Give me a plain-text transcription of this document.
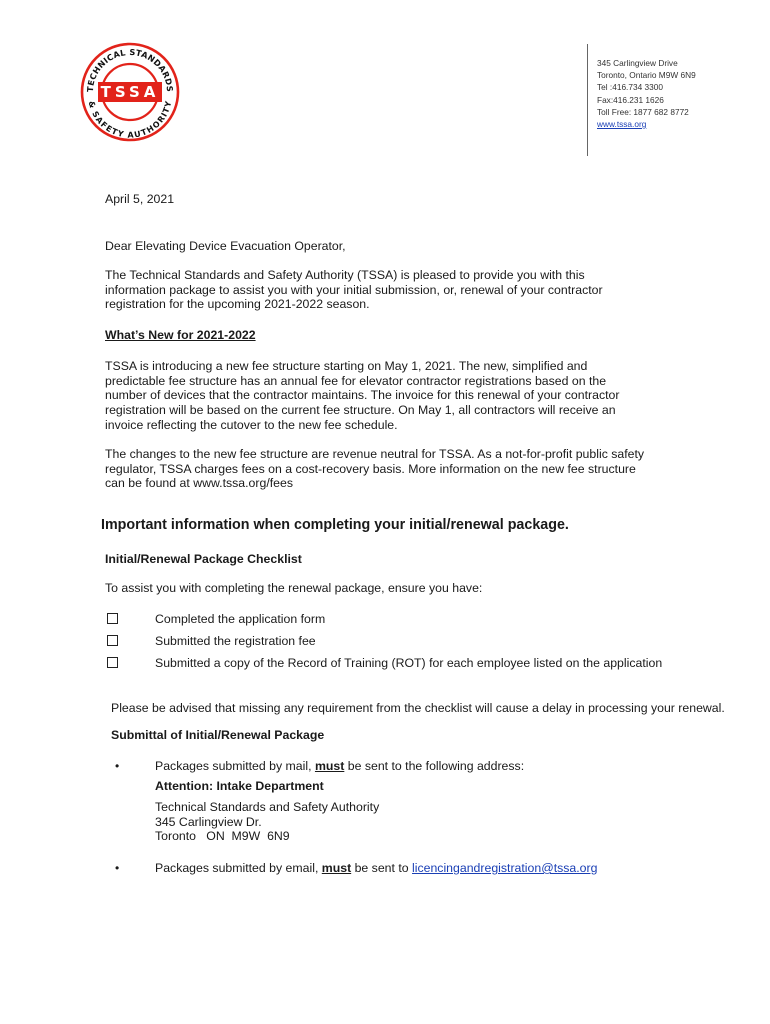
TECHNICAL STANDARDS
& SAFETY AUTHORITY
TSSA
345 Carlingview Drive
Toronto, Ontario M9W 6N9
Tel :416.734 3300
Fax:416.231 1626
Toll Free: 1877 682 8772
www.tssa.org
April 5, 2021
Dear Elevating Device Evacuation Operator,
The Technical Standards and Safety Authority (TSSA) is pleased to provide you with this
information package to assist you with your initial submission, or, renewal of your contractor
registration for the upcoming 2021-2022 season.
What’s New for 2021-2022
TSSA is introducing a new fee structure starting on May 1, 2021. The new, simplified and
predictable fee structure has an annual fee for elevator contractor registrations based on the
number of devices that the contractor maintains. The invoice for this renewal of your contractor
registration will be based on the current fee structure. On May 1, all contractors will receive an
invoice reflecting the cutover to the new fee schedule.
The changes to the new fee structure are revenue neutral for TSSA. As a not-for-profit public safety
regulator, TSSA charges fees on a cost-recovery basis. More information on the new fee structure
can be found at www.tssa.org/fees
Important information when completing your initial/renewal package.
Initial/Renewal Package Checklist
To assist you with completing the renewal package, ensure you have:
Completed the application form
Submitted the registration fee
Submitted a copy of the Record of Training (ROT) for each employee listed on the application
Please be advised that missing any requirement from the checklist will cause a delay in processing your renewal.
Submittal of Initial/Renewal Package
•	Packages submitted by mail, must be sent to the following address:
Attention: Intake Department
Technical Standards and Safety Authority
345 Carlingview Dr.
Toronto   ON  M9W  6N9
•	Packages submitted by email, must be sent to licencingandregistration@tssa.org
